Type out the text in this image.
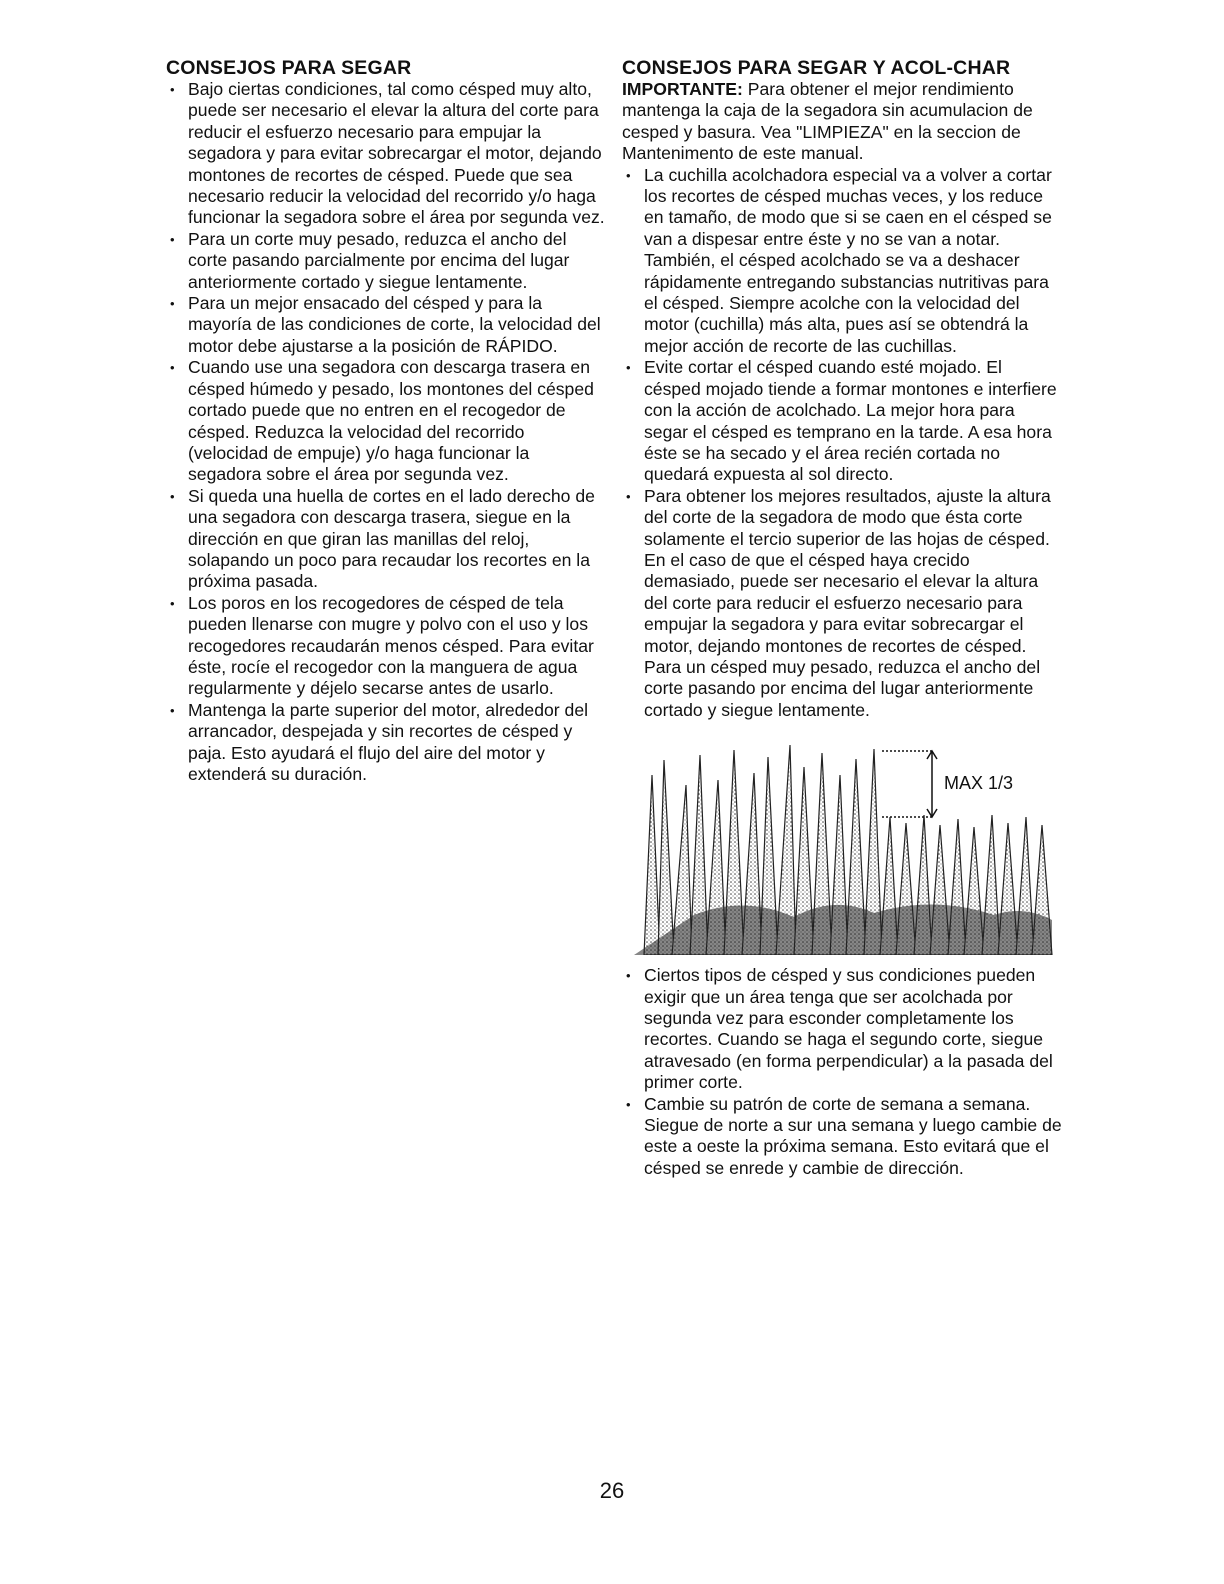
CONSEJOS PARA SEGAR
• Bajo ciertas condiciones, tal como césped muy alto, puede ser necesario el elevar la altura del corte para reducir el esfuerzo necesario para empujar la segadora y para evitar sobrecargar el motor, dejando montones de recortes de césped. Puede que sea necesario reducir la velocidad del recorrido y/o haga funcionar la segadora sobre el área por segunda vez.
• Para un corte muy pesado, reduzca el ancho del corte pasando parcialmente por encima del lugar anteriormente cortado y siegue lentamente.
• Para un mejor ensacado del césped y para la mayoría de las condiciones de corte, la velocidad del motor debe ajustarse a la posición de RÁPIDO.
• Cuando use una segadora con descarga trasera en césped húmedo y pesado, los montones del césped cortado puede que no entren en el recogedor de césped. Reduzca la velocidad del recorrido (velocidad de empuje) y/o haga funcionar la segadora sobre el área por segunda vez.
• Si queda una huella de cortes en el lado derecho de una segadora con descarga trasera, siegue en la dirección en que giran las manillas del reloj, solapando un poco para recaudar los recortes en la próxima pasada.
• Los poros en los recogedores de césped de tela pueden llenarse con mugre y polvo con el uso y los recogedores recaudarán menos césped. Para evitar éste, rocíe el recogedor con la manguera de agua regularmente y déjelo secarse antes de usarlo.
• Mantenga la parte superior del motor, alrededor del arrancador, despejada y sin recortes de césped y paja. Esto ayudará el flujo del aire del motor y extenderá su duración.
CONSEJOS PARA SEGAR Y ACOL-CHAR

IMPORTANTE: Para obtener el mejor rendimiento mantenga la caja de la segadora sin acumulacion de cesped y basura. Vea "LIMPIEZA" en la seccion de Mantenimento de este manual.

• La cuchilla acolchadora especial va a volver a cortar los recortes de césped muchas veces, y los reduce en tamaño, de modo que si se caen en el césped se van a dispesar entre éste y no se van a notar. También, el césped acolchado se va a deshacer rápidamente entregando substancias nutritivas para el césped. Siempre acolche con la velocidad del motor (cuchilla) más alta, pues así se obtendrá la mejor acción de recorte de las cuchillas.
• Evite cortar el césped cuando esté mojado. El césped mojado tiende a formar montones e interfiere con la acción de acolchado. La mejor hora para segar el césped es temprano en la tarde. A esa hora éste se ha secado y el área recién cortada no quedará expuesta al sol directo.
• Para obtener los mejores resultados, ajuste la altura del corte de la segadora de modo que ésta corte solamente el tercio superior de las hojas de césped. En el caso de que el césped haya crecido demasiado, puede ser necesario el elevar la altura del corte para reducir el esfuerzo necesario para empujar la segadora y para evitar sobrecargar el motor, dejando montones de recortes de césped. Para un césped muy pesado, reduzca el ancho del corte pasando por encima del lugar anteriormente cortado y siegue lentamente.
MAX 1/3
• Ciertos tipos de césped y sus condiciones pueden exigir que un área tenga que ser acolchada por segunda vez para esconder completamente los recortes. Cuando se haga el segundo corte, siegue atravesado (en forma perpendicular) a la pasada del primer corte.
• Cambie su patrón de corte de semana a semana. Siegue de norte a sur una semana y luego cambie de este a oeste la próxima semana. Esto evitará que el césped se enrede y cambie de dirección.
26
